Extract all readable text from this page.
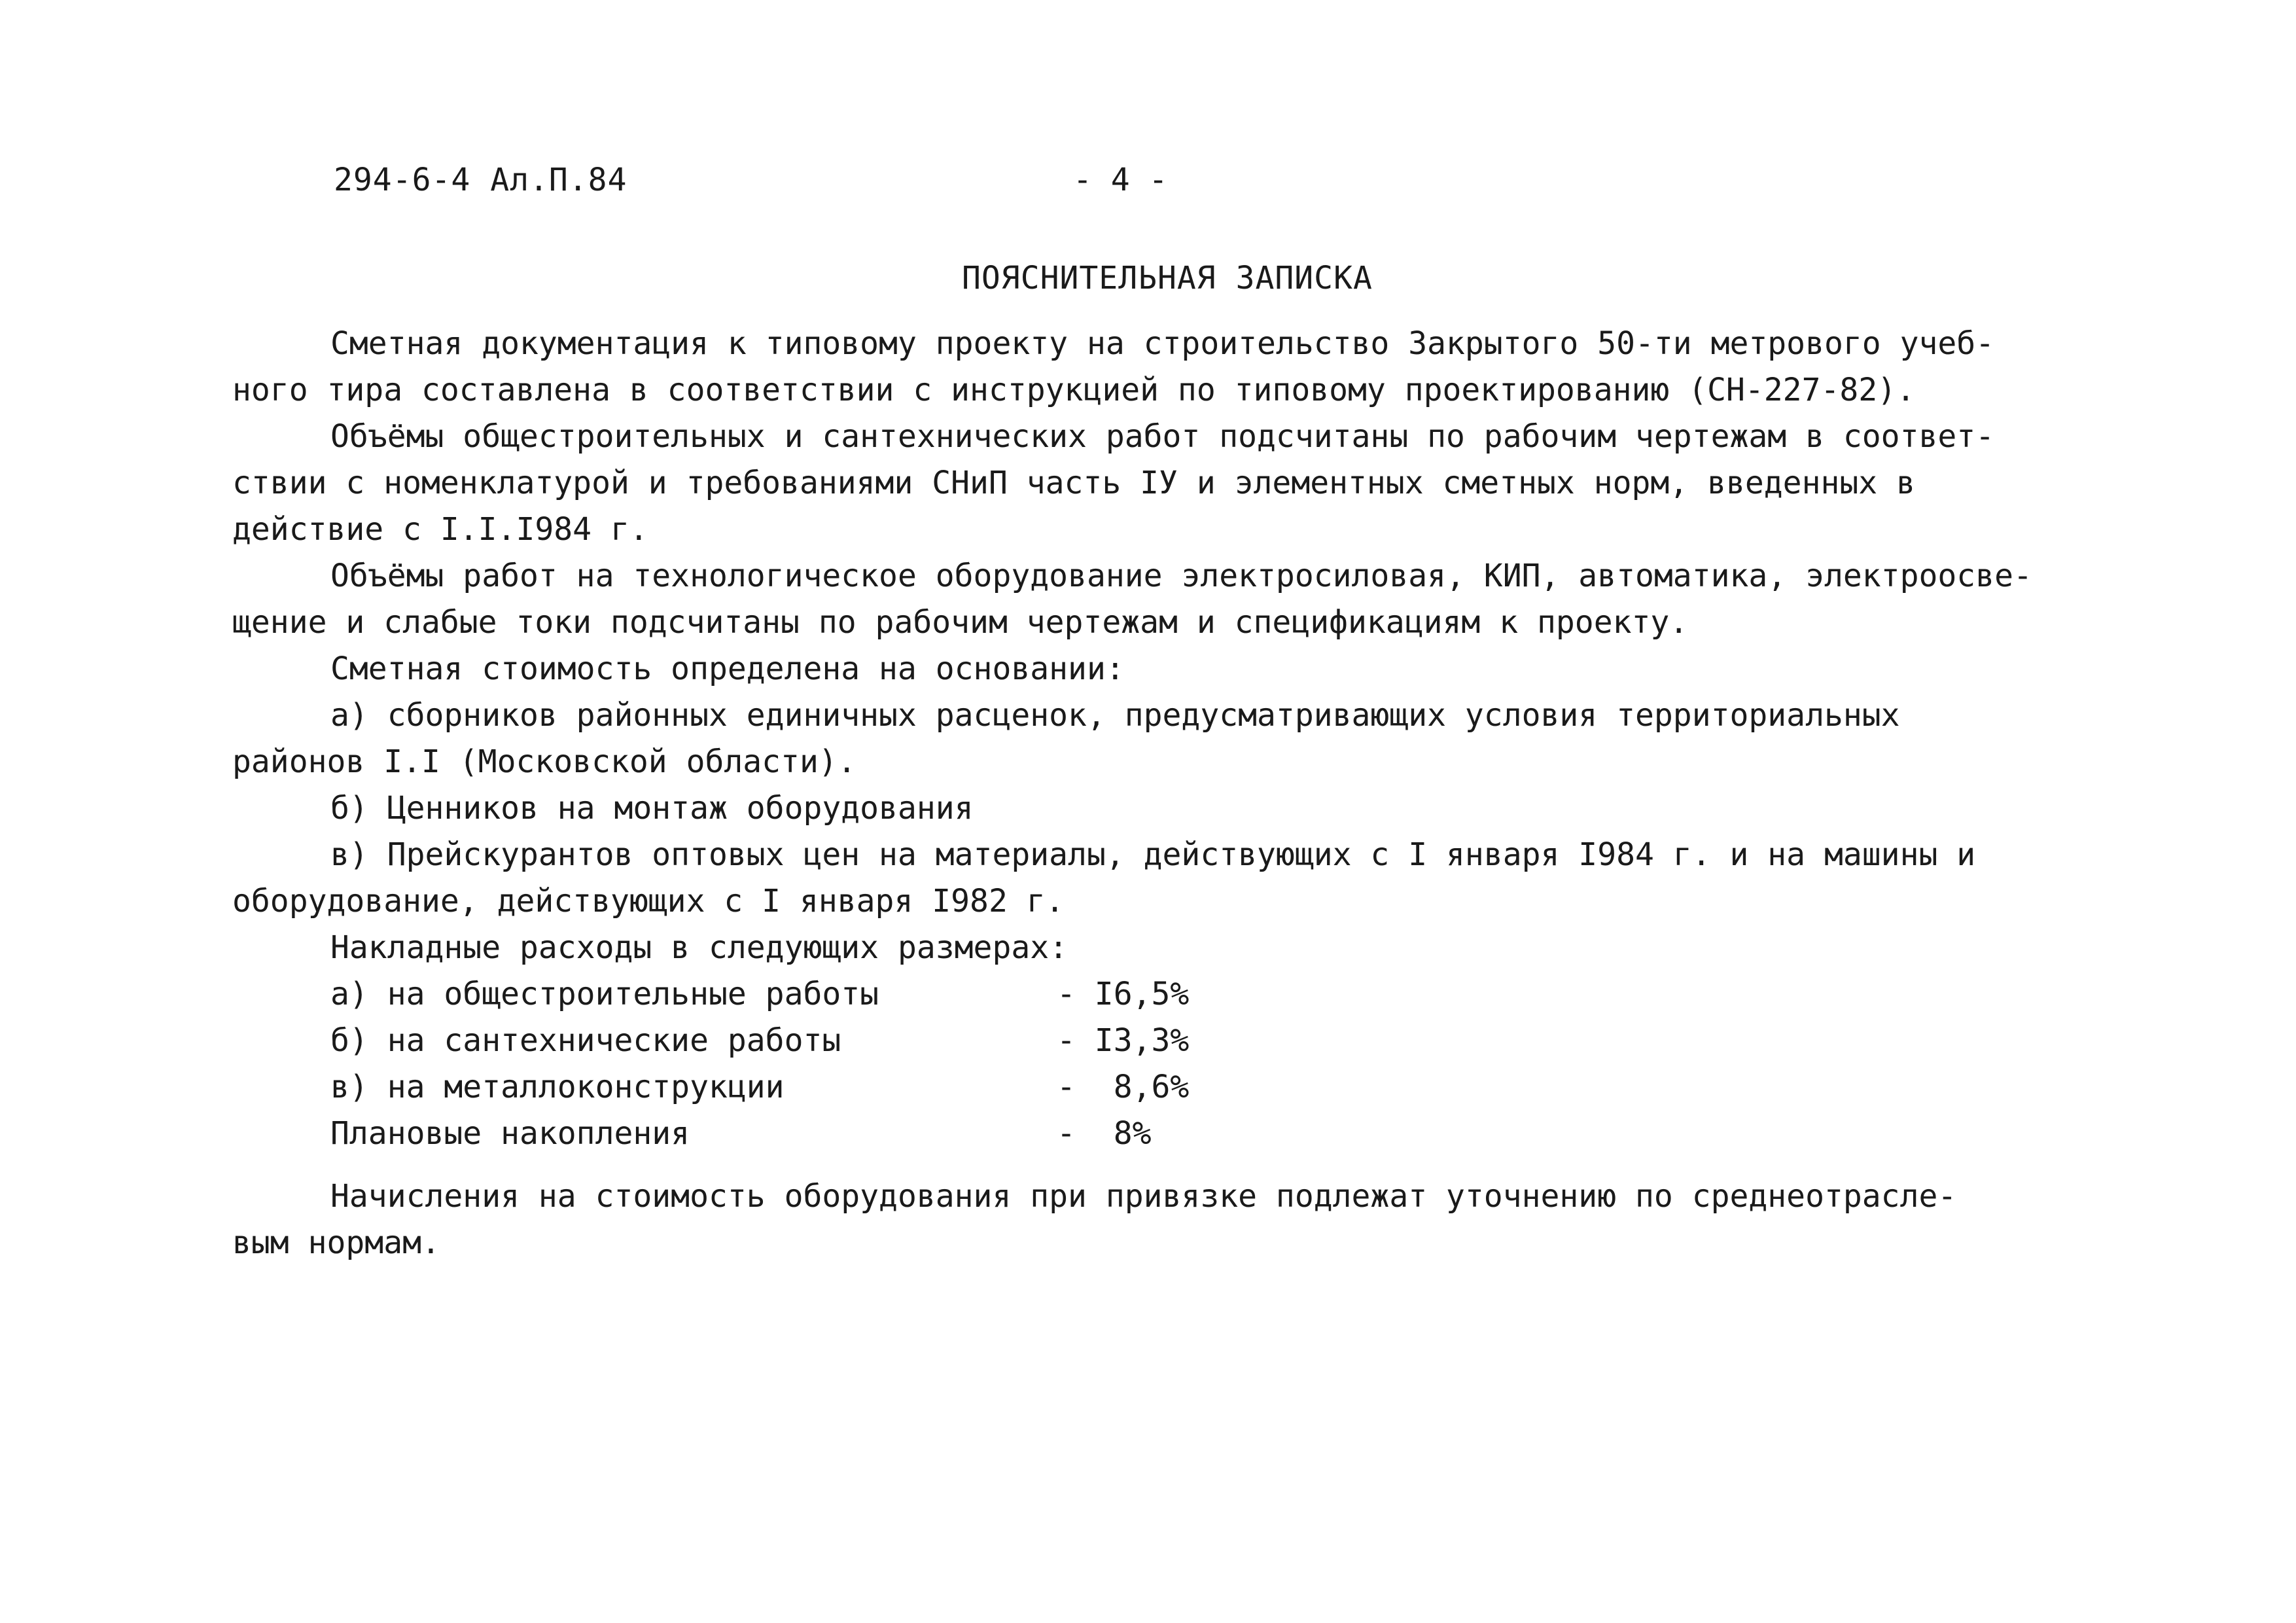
294-6-4 Ал.П.84	- 4 -
ПОЯСНИТЕЛЬНАЯ ЗАПИСКА
Сметная документация к типовому проекту на строительство Закрытого 50-ти метрового учеб-
ного тира составлена в соответствии с инструкцией по типовому проектированию (СН-227-82).
Объёмы общестроительных и сантехнических работ подсчитаны по рабочим чертежам в соответ-
ствии с номенклатурой и требованиями СНиП часть IУ и элементных сметных норм, введенных в
действие с I.I.I984 г.
Объёмы работ на технологическое оборудование электросиловая, КИП, автоматика, электроосве-
щение и слабые токи подсчитаны по рабочим чертежам и спецификациям к проекту.
Сметная стоимость определена на основании:
а) сборников районных единичных расценок, предусматривающих условия территориальных
районов I.I (Московской области).
б) Ценников на монтаж оборудования
в) Прейскурантов оптовых цен на материалы, действующих с I января I984 г. и на машины и
оборудование, действующих с I января I982 г.
Накладные расходы в следующих размерах:
а) на общестроительные работы	- I6,5%
б) на сантехнические работы	- I3,3%
в) на металлоконструкции	-  8,6%
Плановые накопления	-  8%
Начисления на стоимость оборудования при привязке подлежат уточнению по среднеотрасле-
вым нормам.
